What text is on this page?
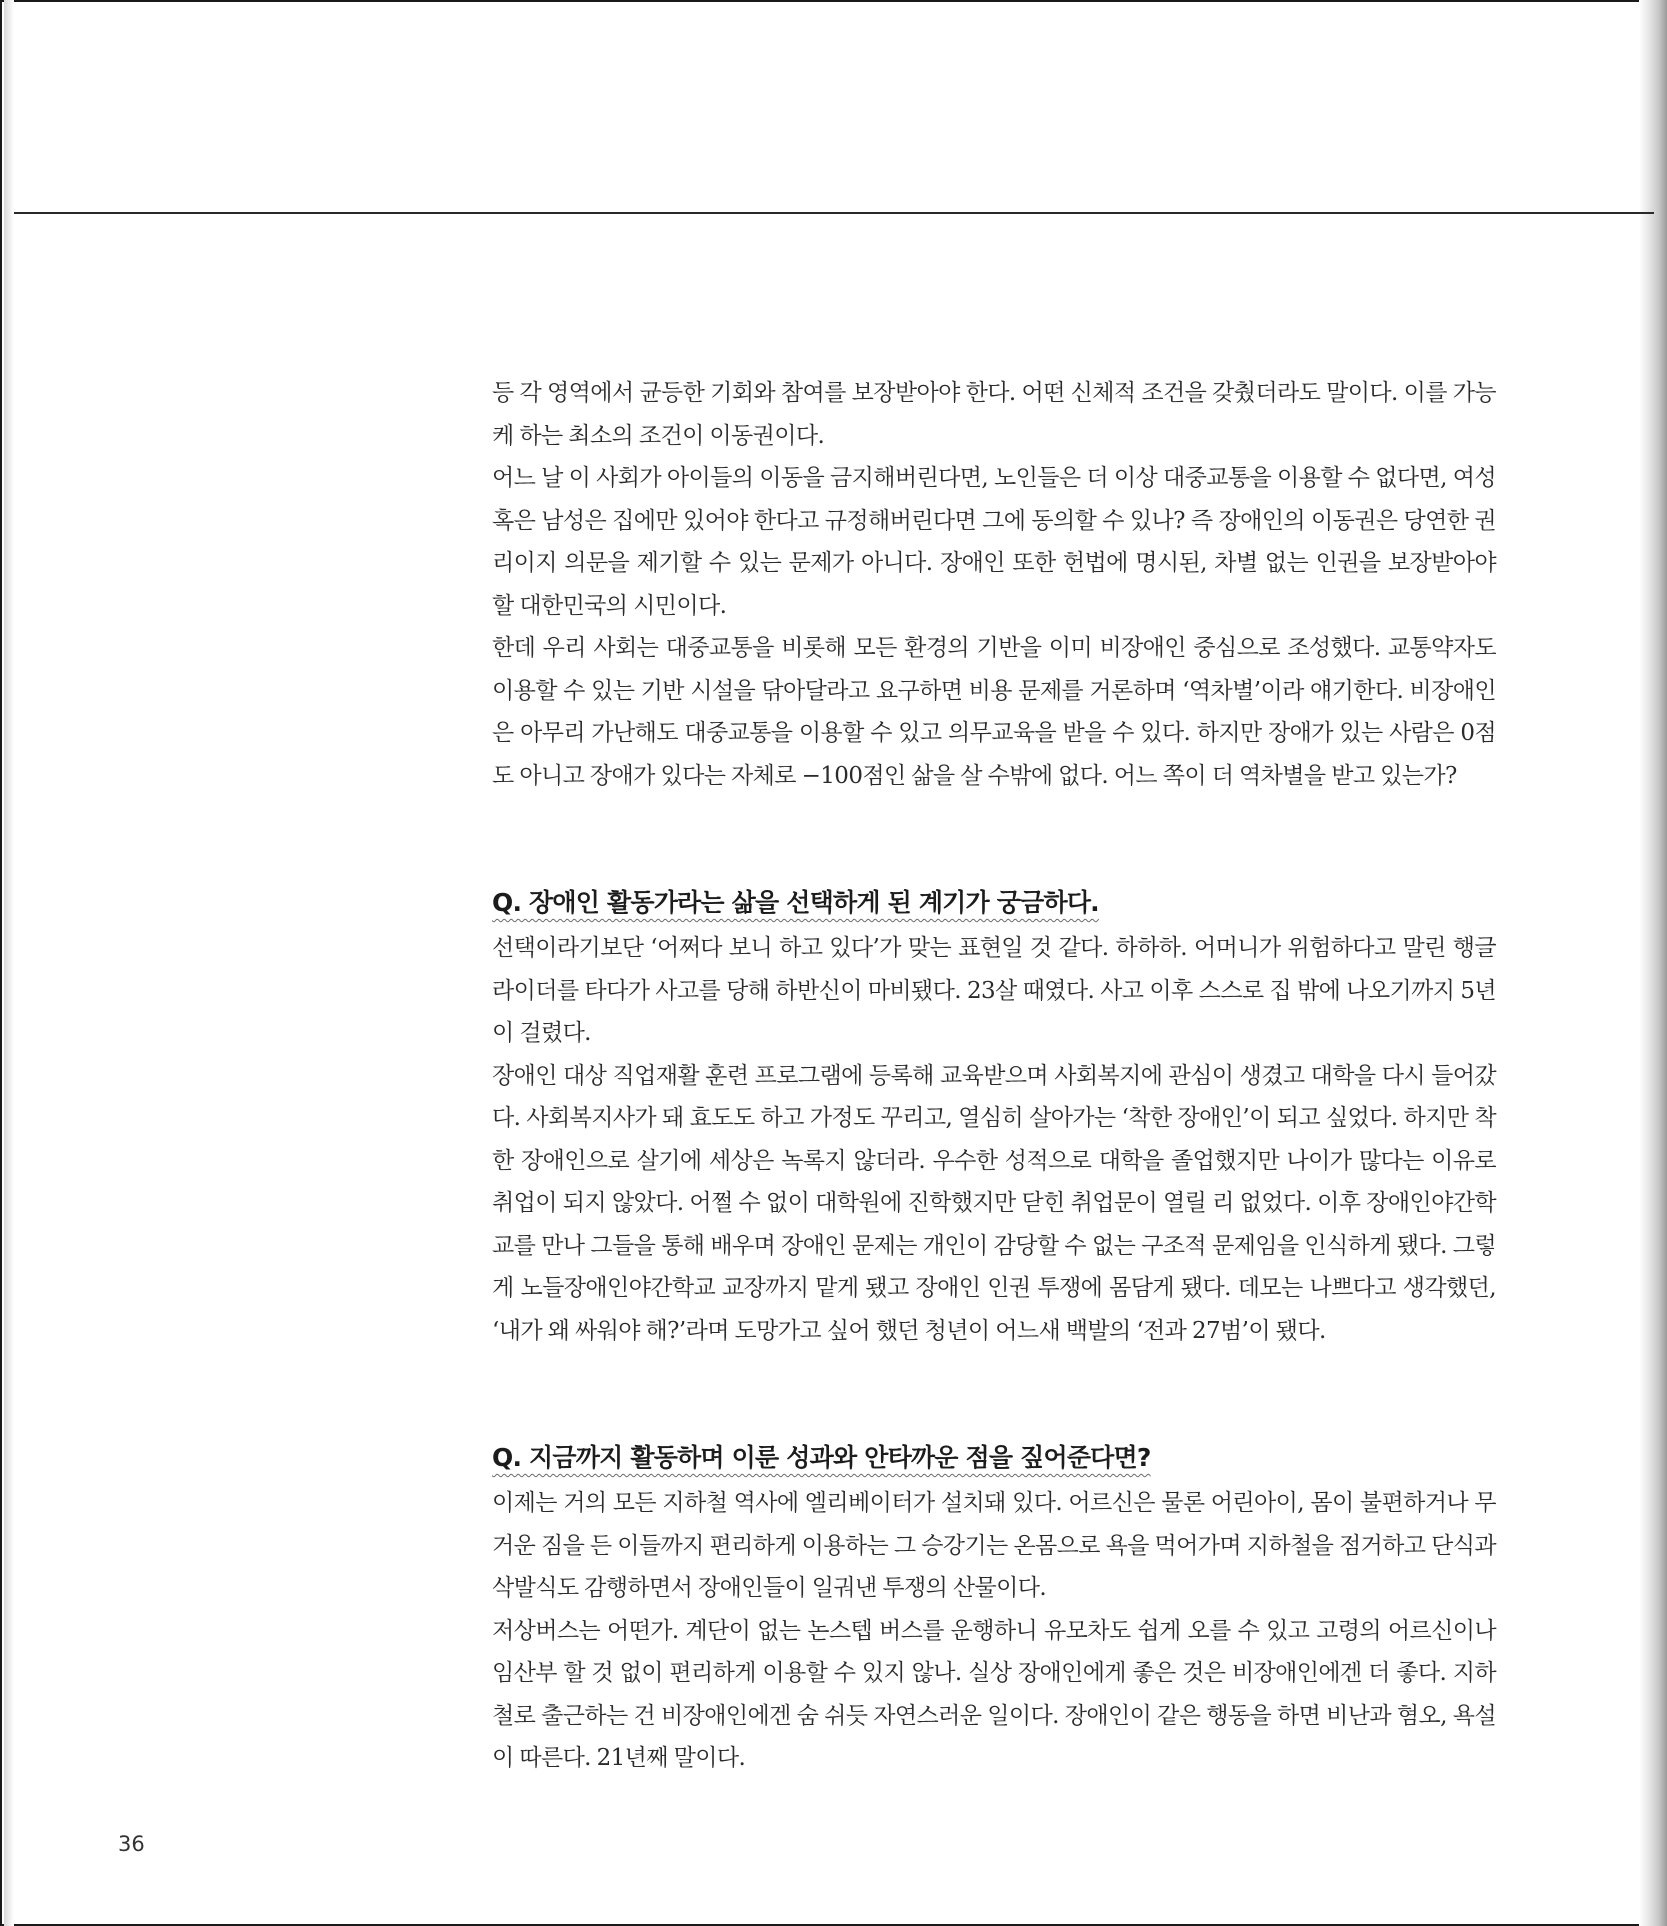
등 각 영역에서 균등한 기회와 참여를 보장받아야 한다. 어떤 신체적 조건을 갖췄더라도 말이다. 이를 가능케 하는 최소의 조건이 이동권이다.

어느 날 이 사회가 아이들의 이동을 금지해버린다면, 노인들은 더 이상 대중교통을 이용할 수 없다면, 여성 혹은 남성은 집에만 있어야 한다고 규정해버린다면 그에 동의할 수 있나? 즉 장애인의 이동권은 당연한 권리이지 의문을 제기할 수 있는 문제가 아니다. 장애인 또한 헌법에 명시된, 차별 없는 인권을 보장받아야 할 대한민국의 시민이다.

한데 우리 사회는 대중교통을 비롯해 모든 환경의 기반을 이미 비장애인 중심으로 조성했다. 교통약자도 이용할 수 있는 기반 시설을 닦아달라고 요구하면 비용 문제를 거론하며 ‘역차별’이라 얘기한다. 비장애인은 아무리 가난해도 대중교통을 이용할 수 있고 의무교육을 받을 수 있다. 하지만 장애가 있는 사람은 0점도 아니고 장애가 있다는 자체로 −100점인 삶을 살 수밖에 없다. 어느 쪽이 더 역차별을 받고 있는가?

Q. 장애인 활동가라는 삶을 선택하게 된 계기가 궁금하다.

선택이라기보단 ‘어쩌다 보니 하고 있다’가 맞는 표현일 것 같다. 하하하. 어머니가 위험하다고 말린 행글라이더를 타다가 사고를 당해 하반신이 마비됐다. 23살 때였다. 사고 이후 스스로 집 밖에 나오기까지 5년이 걸렸다.

장애인 대상 직업재활 훈련 프로그램에 등록해 교육받으며 사회복지에 관심이 생겼고 대학을 다시 들어갔다. 사회복지사가 돼 효도도 하고 가정도 꾸리고, 열심히 살아가는 ‘착한 장애인’이 되고 싶었다. 하지만 착한 장애인으로 살기에 세상은 녹록지 않더라. 우수한 성적으로 대학을 졸업했지만 나이가 많다는 이유로 취업이 되지 않았다. 어쩔 수 없이 대학원에 진학했지만 닫힌 취업문이 열릴 리 없었다. 이후 장애인야간학교를 만나 그들을 통해 배우며 장애인 문제는 개인이 감당할 수 없는 구조적 문제임을 인식하게 됐다. 그렇게 노들장애인야간학교 교장까지 맡게 됐고 장애인 인권 투쟁에 몸담게 됐다. 데모는 나쁘다고 생각했던, ‘내가 왜 싸워야 해?’라며 도망가고 싶어 했던 청년이 어느새 백발의 ‘전과 27범’이 됐다.

Q. 지금까지 활동하며 이룬 성과와 안타까운 점을 짚어준다면?

이제는 거의 모든 지하철 역사에 엘리베이터가 설치돼 있다. 어르신은 물론 어린아이, 몸이 불편하거나 무거운 짐을 든 이들까지 편리하게 이용하는 그 승강기는 온몸으로 욕을 먹어가며 지하철을 점거하고 단식과 삭발식도 감행하면서 장애인들이 일궈낸 투쟁의 산물이다.

저상버스는 어떤가. 계단이 없는 논스텝 버스를 운행하니 유모차도 쉽게 오를 수 있고 고령의 어르신이나 임산부 할 것 없이 편리하게 이용할 수 있지 않나. 실상 장애인에게 좋은 것은 비장애인에겐 더 좋다. 지하철로 출근하는 건 비장애인에겐 숨 쉬듯 자연스러운 일이다. 장애인이 같은 행동을 하면 비난과 혐오, 욕설이 따른다. 21년째 말이다.

36
